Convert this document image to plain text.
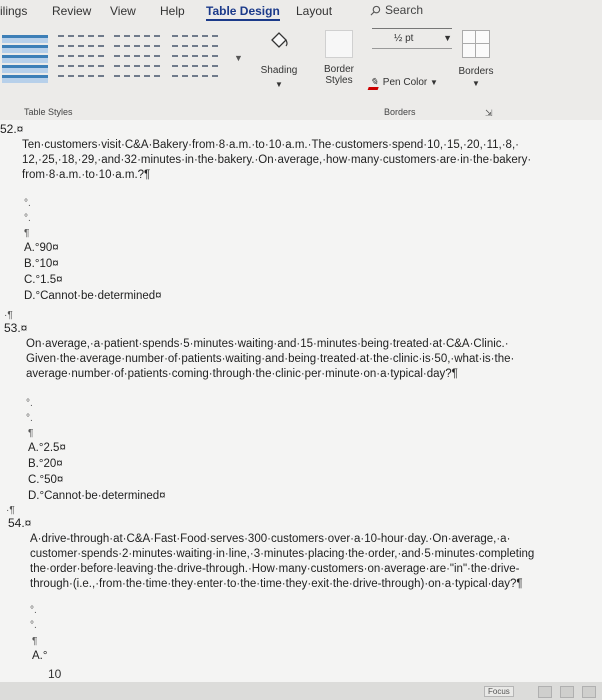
ilings Review View Help Table Design Layout	Search
▼
Shading
▼
Border Styles
½ pt	▼
✎ Pen Color ▼
Borders
▼
Table Styles	Borders	⇲
52.¤
Ten·customers·visit·C&A·Bakery·from·8·a.m.·to·10·a.m.·The·customers·spend·10,·15,·20,·11,·8,·
12,·25,·18,·29,·and·32·minutes·in·the·bakery.·On·average,·how·many·customers·are·in·the·bakery·
from·8·a.m.·to·10·a.m.?¶
°.
°.
¶
A.°90¤
B.°10¤
C.°1.5¤
D.°Cannot·be·determined¤
·¶
53.¤
On·average,·a·patient·spends·5·minutes·waiting·and·15·minutes·being·treated·at·C&A·Clinic.·
Given·the·average·number·of·patients·waiting·and·being·treated·at·the·clinic·is·50,·what·is·the·
average·number·of·patients·coming·through·the·clinic·per·minute·on·a·typical·day?¶
°.
°.
¶
A.°2.5¤
B.°20¤
C.°50¤
D.°Cannot·be·determined¤
·¶
54.¤
A·drive-through·at·C&A·Fast·Food·serves·300·customers·over·a·10-hour·day.·On·average,·a·
customer·spends·2·minutes·waiting·in·line,·3·minutes·placing·the·order,·and·5·minutes·completing
the·order·before·leaving·the·drive-through.·How·many·customers·on·average·are·"in"·the·drive-
through·(i.e.,·from·the·time·they·enter·to·the·time·they·exit·the·drive-through)·on·a·typical·day?¶
°.
°.
¶
A.°
10
Focus
